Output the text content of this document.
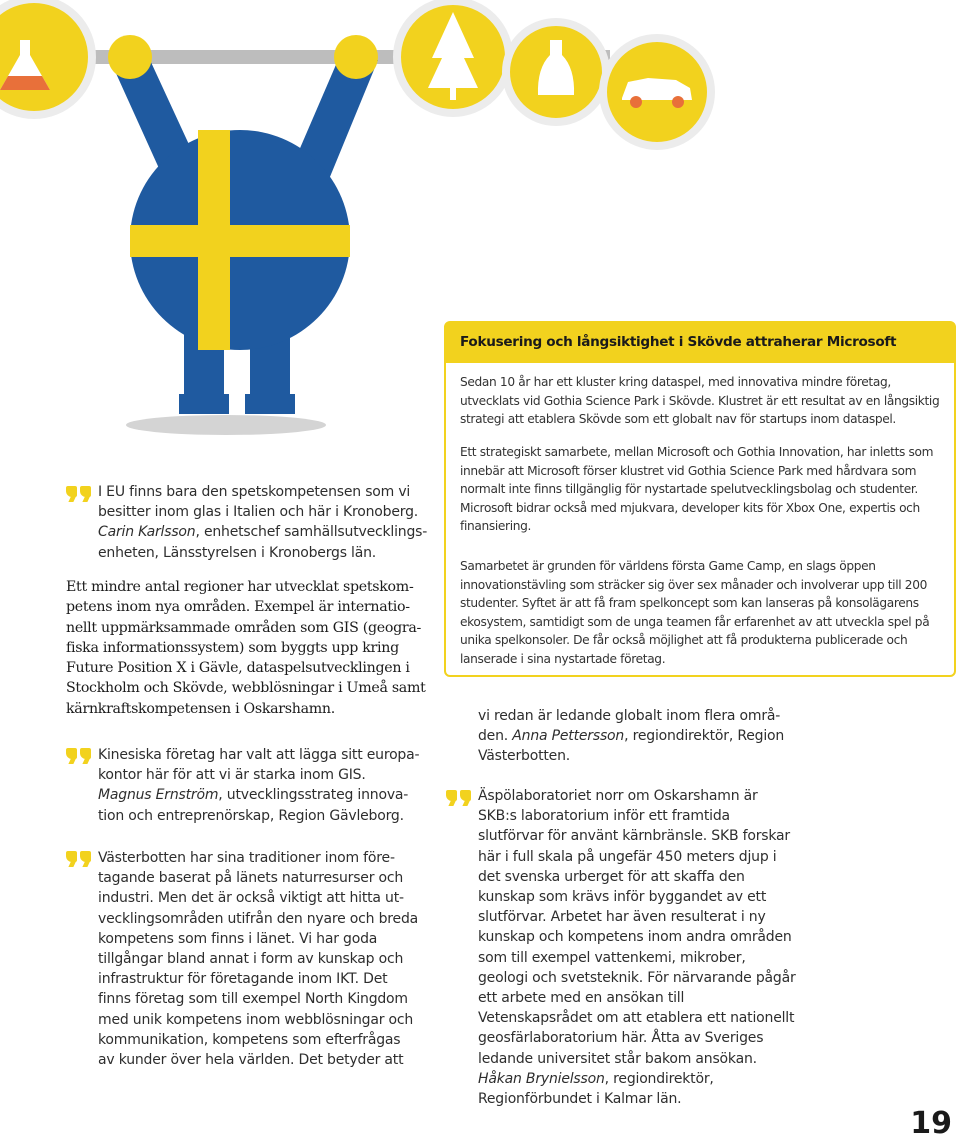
Fokusering och långsiktighet i Skövde attraherar Microsoft
Sedan 10 år har ett kluster kring dataspel, med innovativa mindre företag, utvecklats vid Gothia Science Park i Skövde. Klustret är ett resultat av en långsiktig strategi att etablera Skövde som ett globalt nav för startups inom dataspel.
Ett strategiskt samarbete, mellan Microsoft och Gothia Innovation, har inletts som innebär att Microsoft förser klustret vid Gothia Science Park med hårdvara som normalt inte finns tillgänglig för nystartade spelutvecklingsbolag och studenter. Microsoft bidrar också med mjukvara, developer kits för Xbox One, expertis och finansiering.
Samarbetet är grunden för världens första Game Camp, en slags öppen innovationstävling som sträcker sig över sex månader och involverar upp till 200 studenter. Syftet är att få fram spelkoncept som kan lanseras på konsolägarens ekosystem, samtidigt som de unga teamen får erfarenhet av att utveckla spel på unika spelkonsoler. De får också möjlighet att få produkterna publicerade och lanserade i sina nystartade företag.
I EU finns bara den spetskompetensen som vi besitter inom glas i Italien och här i Kronoberg. Carin Karlsson, enhetschef samhällsutvecklingsenheten, Länsstyrelsen i Kronobergs län.
Ett mindre antal regioner har utvecklat spetskompetens inom nya områden. Exempel är internationellt uppmärksammade områden som GIS (geografiska informationssystem) som byggts upp kring Future Position X i Gävle, dataspelsutvecklingen i Stockholm och Skövde, webblösningar i Umeå samt kärnkraftskompetensen i Oskarshamn.
Kinesiska företag har valt att lägga sitt europakontor här för att vi är starka inom GIS. Magnus Ernström, utvecklingsstrateg innovation och entreprenörskap, Region Gävleborg.
Västerbotten har sina traditioner inom företagande baserat på länets naturresurser och industri. Men det är också viktigt att hitta utvecklingsområden utifrån den nyare och breda kompetens som finns i länet. Vi har goda tillgångar bland annat i form av kunskap och infrastruktur för företagande inom IKT. Det finns företag som till exempel North Kingdom med unik kompetens inom webblösningar och kommunikation, kompetens som efterfrågas av kunder över hela världen. Det betyder att
vi redan är ledande globalt inom flera områden. Anna Pettersson, regiondirektör, Region Västerbotten.
Äspölaboratoriet norr om Oskarshamn är SKB:s laboratorium inför ett framtida slutförvar för använt kärnbränsle. SKB forskar här i full skala på ungefär 450 meters djup i det svenska urberget för att skaffa den kunskap som krävs inför byggandet av ett slutförvar. Arbetet har även resulterat i ny kunskap och kompetens inom andra områden som till exempel vattenkemi, mikrober, geologi och svetsteknik. För närvarande pågår ett arbete med en ansökan till Vetenskapsrådet om att etablera ett nationellt geosfärlaboratorium här. Åtta av Sveriges ledande universitet står bakom ansökan. Håkan Brynielsson, regiondirektör, Regionförbundet i Kalmar län.
19
